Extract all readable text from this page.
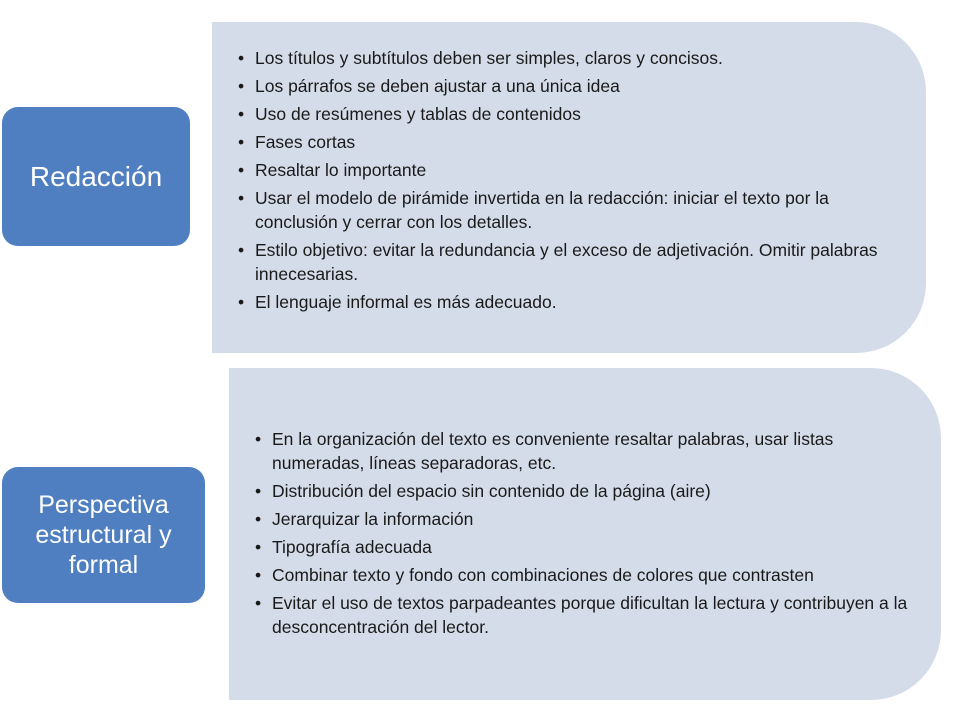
• Los títulos y subtítulos deben ser simples, claros y concisos.
• Los párrafos se deben ajustar a una única idea
• Uso de resúmenes y tablas de contenidos
• Fases cortas
• Resaltar lo importante
• Usar el modelo de pirámide invertida en la redacción: iniciar el texto por la conclusión y cerrar con los detalles.
• Estilo objetivo: evitar la redundancia y el exceso de adjetivación. Omitir palabras innecesarias.
• El lenguaje informal es más adecuado.
Redacción
• En la organización del texto es conveniente resaltar palabras, usar listas numeradas, líneas separadoras, etc.
• Distribución del espacio sin contenido de la página (aire)
• Jerarquizar la información
• Tipografía adecuada
• Combinar texto y fondo con combinaciones de colores que contrasten
• Evitar el uso de textos parpadeantes porque dificultan la lectura y contribuyen a la desconcentración del lector.
Perspectiva estructural y formal
